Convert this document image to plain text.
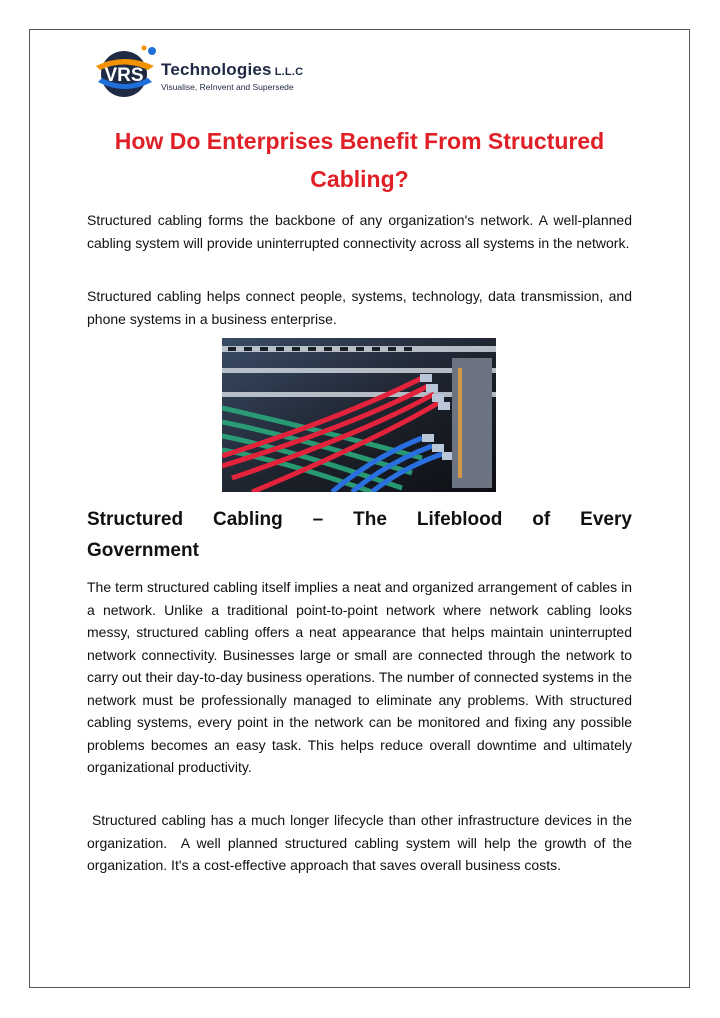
VRS Technologies L.L.C
Visualise, ReInvent and Supersede
How Do Enterprises Benefit From Structured Cabling?

Structured cabling forms the backbone of any organization's network. A well-planned cabling system will provide uninterrupted connectivity across all systems in the network.

Structured cabling helps connect people, systems, technology, data transmission, and phone systems in a business enterprise.

Structured Cabling – The Lifeblood of Every
Government

The term structured cabling itself implies a neat and organized arrangement of cables in a network. Unlike a traditional point-to-point network where network cabling looks messy, structured cabling offers a neat appearance that helps maintain uninterrupted network connectivity. Businesses large or small are connected through the network to carry out their day-to-day business operations. The number of connected systems in the network must be professionally managed to eliminate any problems. With structured cabling systems, every point in the network can be monitored and fixing any possible problems becomes an easy task. This helps reduce overall downtime and ultimately organizational productivity.

Structured cabling has a much longer lifecycle than other infrastructure devices in the organization.  A well planned structured cabling system will help the growth of the organization. It's a cost-effective approach that saves overall business costs.
